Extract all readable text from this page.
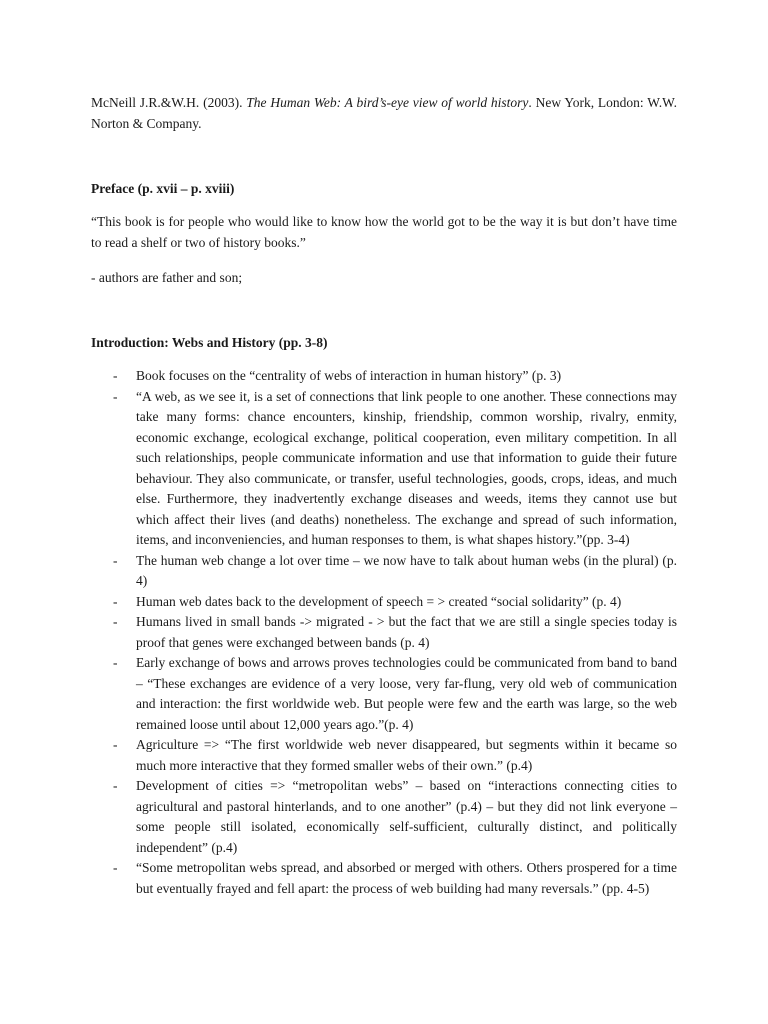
McNeill J.R.&W.H. (2003). The Human Web: A bird’s-eye view of world history. New York, London: W.W. Norton & Company.

Preface (p. xvii – p. xviii)

“This book is for people who would like to know how the world got to be the way it is but don’t have time to read a shelf or two of history books.”

- authors are father and son;

Introduction: Webs and History (pp. 3-8)
- Book focuses on the “centrality of webs of interaction in human history” (p. 3)
- “A web, as we see it, is a set of connections that link people to one another. These connections may take many forms: chance encounters, kinship, friendship, common worship, rivalry, enmity, economic exchange, ecological exchange, political cooperation, even military competition. In all such relationships, people communicate information and use that information to guide their future behaviour. They also communicate, or transfer, useful technologies, goods, crops, ideas, and much else. Furthermore, they inadvertently exchange diseases and weeds, items they cannot use but which affect their lives (and deaths) nonetheless. The exchange and spread of such information, items, and inconveniencies, and human responses to them, is what shapes history.”(pp. 3-4)
- The human web change a lot over time – we now have to talk about human webs (in the plural) (p. 4)
- Human web dates back to the development of speech = > created “social solidarity” (p. 4)
- Humans lived in small bands -> migrated - > but the fact that we are still a single species today is proof that genes were exchanged between bands (p. 4)
- Early exchange of bows and arrows proves technologies could be communicated from band to band – “These exchanges are evidence of a very loose, very far-flung, very old web of communication and interaction: the first worldwide web. But people were few and the earth was large, so the web remained loose until about 12,000 years ago.”(p. 4)
- Agriculture => “The first worldwide web never disappeared, but segments within it became so much more interactive that they formed smaller webs of their own.” (p.4)
- Development of cities => “metropolitan webs” – based on “interactions connecting cities to agricultural and pastoral hinterlands, and to one another” (p.4) – but they did not link everyone – some people still isolated, economically self-sufficient, culturally distinct, and politically independent” (p.4)
- “Some metropolitan webs spread, and absorbed or merged with others. Others prospered for a time but eventually frayed and fell apart: the process of web building had many reversals.” (pp. 4-5)
